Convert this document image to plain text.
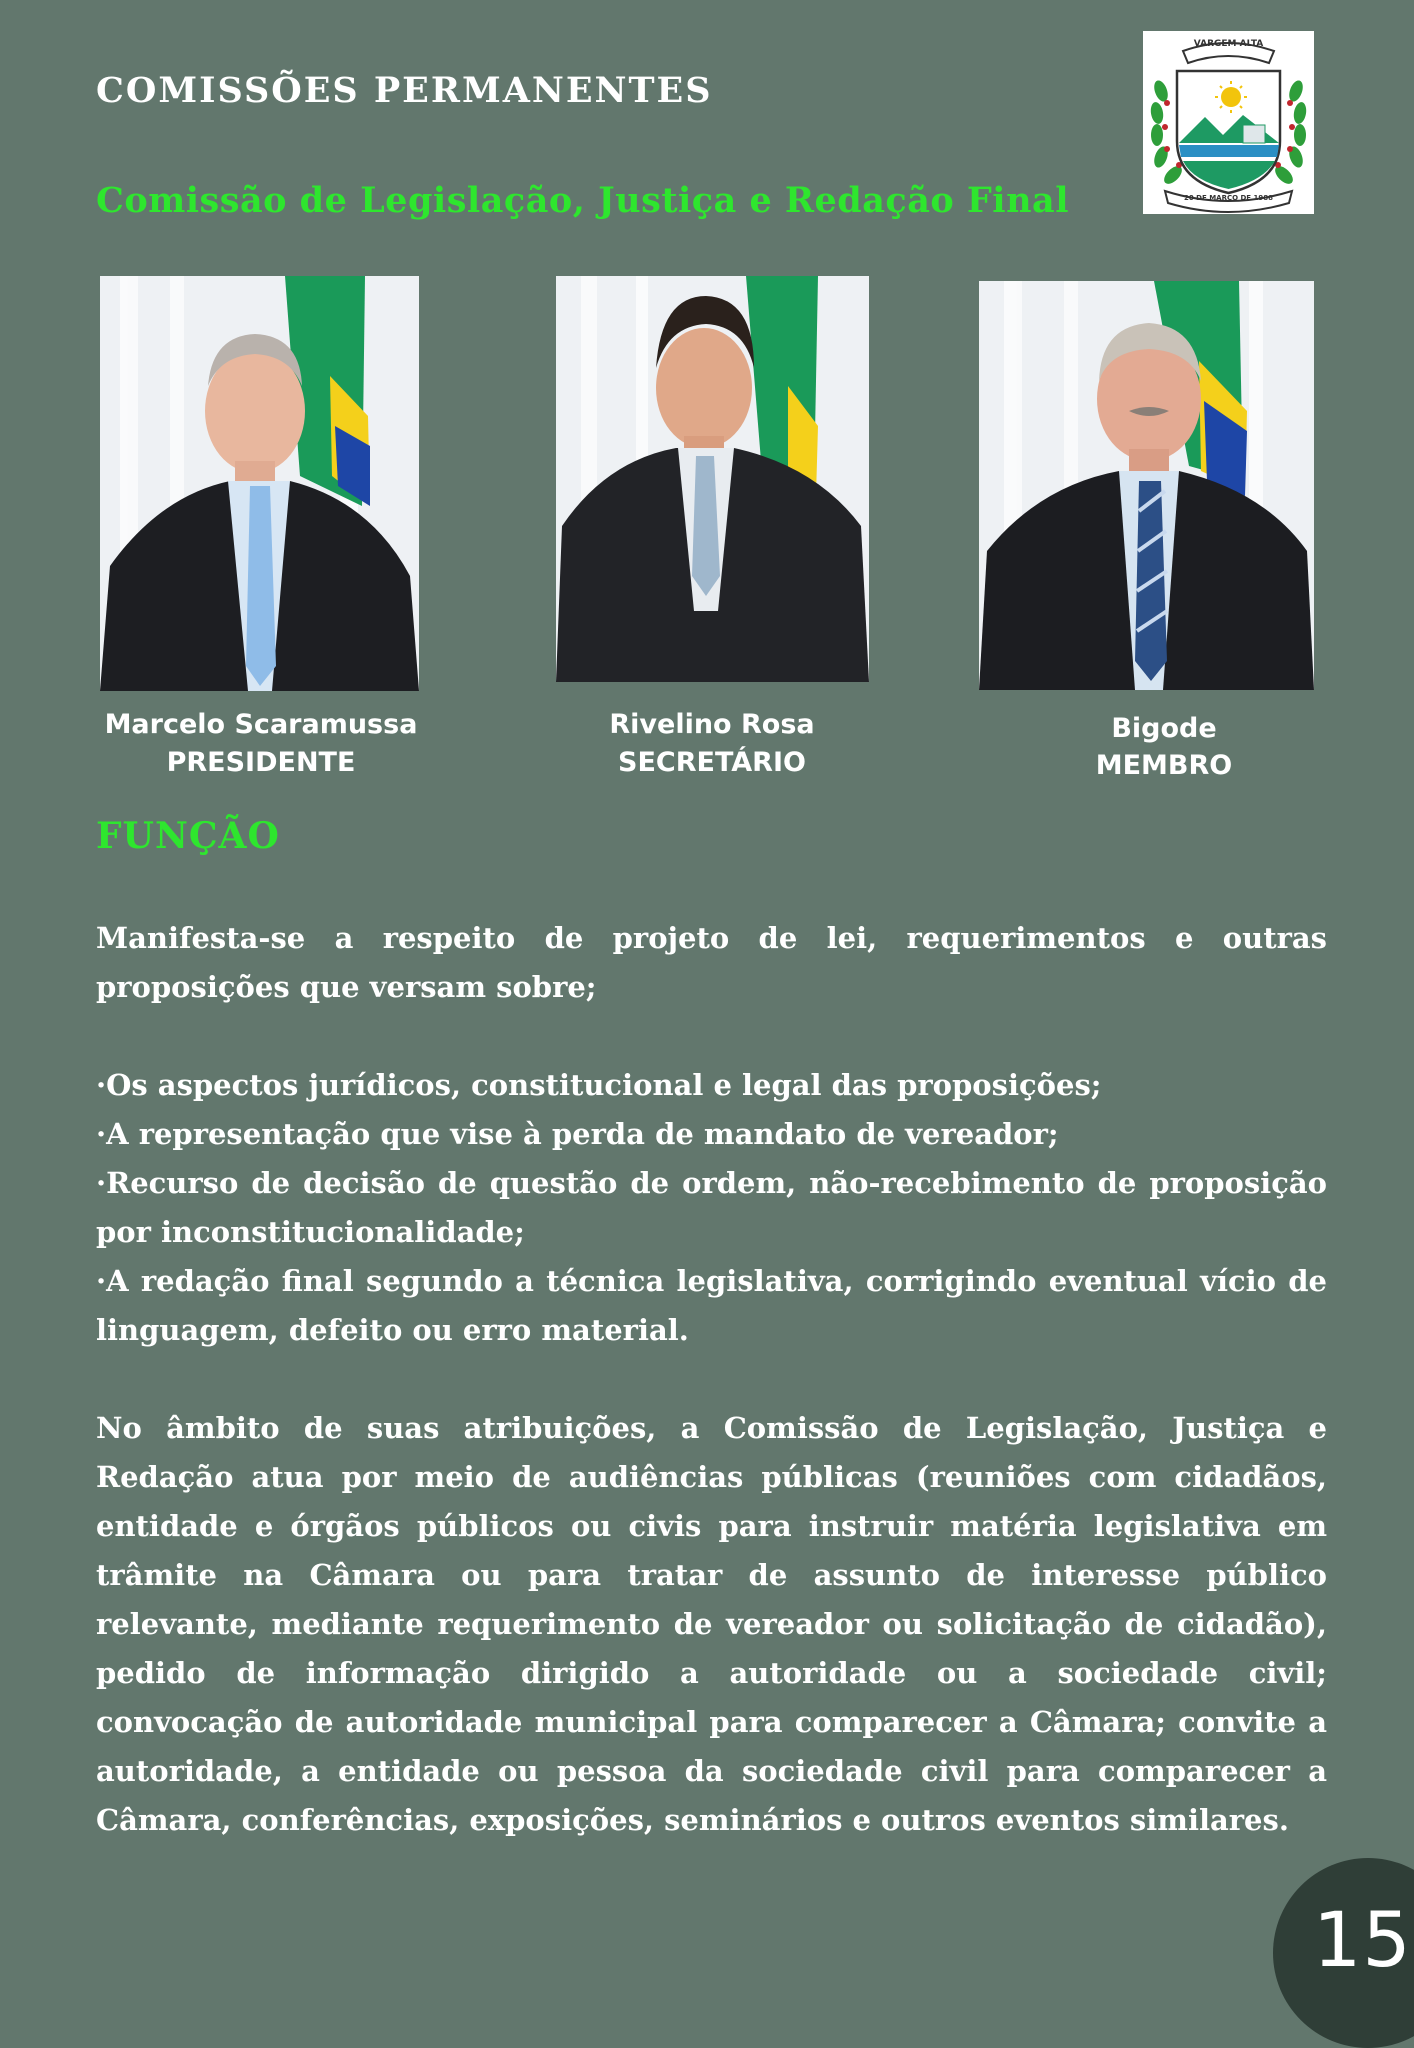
COMISSÕES PERMANENTES
Comissão de Legislação, Justiça e Redação Final
VARGEM ALTA
20 DE MARÇO DE 1988
Marcelo Scaramussa
PRESIDENTE
Rivelino Rosa
SECRETÁRIO
Bigode
MEMBRO
FUNÇÃO

Manifesta-se a respeito de projeto de lei, requerimentos e outras proposições que versam sobre;

·Os aspectos jurídicos, constitucional e legal das proposições;

·A representação que vise à perda de mandato de vereador;

·Recurso de decisão de questão de ordem, não-recebimento de proposição por inconstitucionalidade;

·A redação final segundo a técnica legislativa, corrigindo eventual vício de linguagem, defeito ou erro material.

No âmbito de suas atribuições, a Comissão de Legislação, Justiça e Redação atua por meio de audiências públicas (reuniões com cidadãos, entidade e órgãos públicos ou civis para instruir matéria legislativa em trâmite na Câmara ou para tratar de assunto de interesse público relevante, mediante requerimento de vereador ou solicitação de cidadão), pedido de informação dirigido a autoridade ou a sociedade civil; convocação de autoridade municipal para comparecer a Câmara; convite a autoridade, a entidade ou pessoa da sociedade civil para comparecer a Câmara, conferências, exposições, seminários e outros eventos similares.

15
